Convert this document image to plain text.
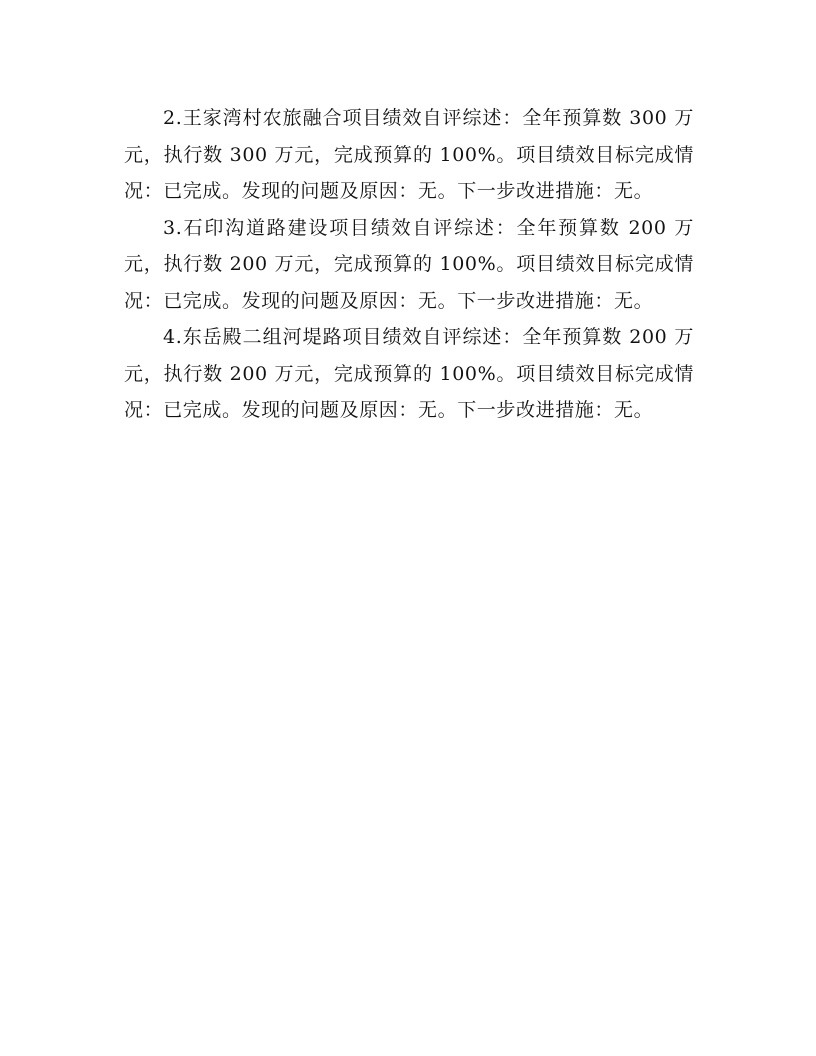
2.王家湾村农旅融合项目绩效自评综述：全年预算数 300 万元，执行数 300 万元，完成预算的 100%。项目绩效目标完成情况：已完成。发现的问题及原因：无。下一步改进措施：无。

3.石印沟道路建设项目绩效自评综述：全年预算数 200 万元，执行数 200 万元，完成预算的 100%。项目绩效目标完成情况：已完成。发现的问题及原因：无。下一步改进措施：无。

4.东岳殿二组河堤路项目绩效自评综述：全年预算数 200 万元，执行数 200 万元，完成预算的 100%。项目绩效目标完成情况：已完成。发现的问题及原因：无。下一步改进措施：无。
